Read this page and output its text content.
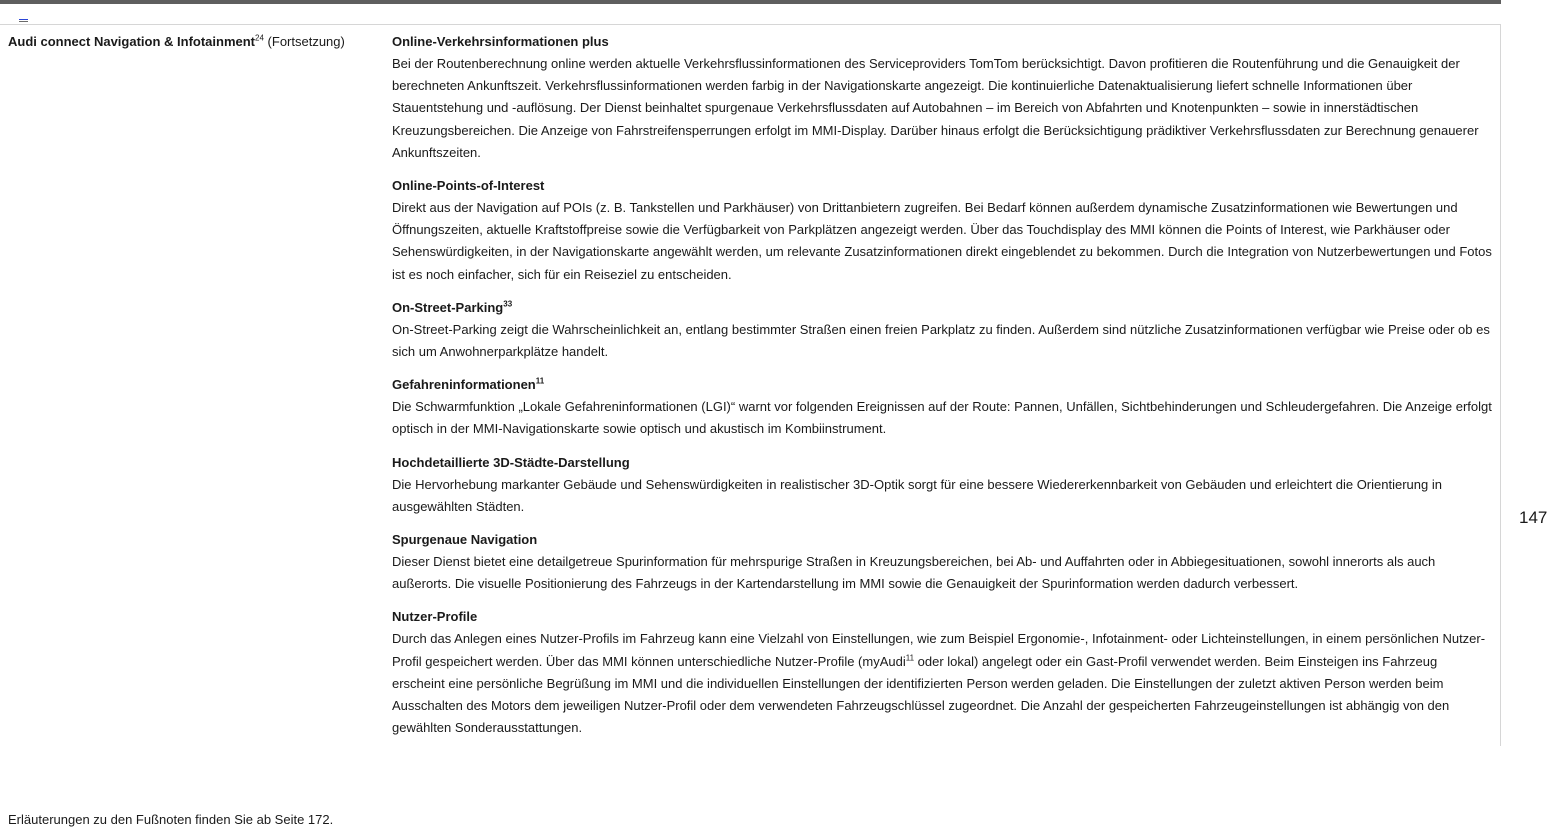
Audi connect Navigation & Infotainment$^{24}$ (Fortsetzung)	Online-Verkehrsinformationen plus

Bei der Routenberechnung online werden aktuelle Verkehrsflussinformationen des Serviceproviders TomTom berücksichtigt. Davon profitieren die Routenführung und die Genauigkeit der berechneten Ankunftszeit. Verkehrsflussinformationen werden farbig in der Navigationskarte angezeigt. Die kontinuierliche Datenaktualisierung liefert schnelle Informationen über Stauentstehung und -auflösung. Der Dienst beinhaltet spurgenaue Verkehrsflussdaten auf Autobahnen – im Bereich von Abfahrten und Knotenpunkten – sowie in innerstädtischen Kreuzungsbereichen. Die Anzeige von Fahrstreifensperrungen erfolgt im MMI-Display. Darüber hinaus erfolgt die Berücksichtigung prädiktiver Verkehrsflussdaten zur Berechnung genauerer Ankunftszeiten.

Online-Points-of-Interest

Direkt aus der Navigation auf POIs (z. B. Tankstellen und Parkhäuser) von Drittanbietern zugreifen. Bei Bedarf können außerdem dynamische Zusatzinformationen wie Bewertungen und Öffnungszeiten, aktuelle Kraftstoffpreise sowie die Verfügbarkeit von Parkplätzen angezeigt werden. Über das Touchdisplay des MMI können die Points of Interest, wie Parkhäuser oder Sehenswürdigkeiten, in der Navigationskarte angewählt werden, um relevante Zusatzinformationen direkt eingeblendet zu bekommen. Durch die Integration von Nutzerbewertungen und Fotos ist es noch einfacher, sich für ein Reiseziel zu entscheiden.

On-Street-Parking$^{33}$

On-Street-Parking zeigt die Wahrscheinlichkeit an, entlang bestimmter Straßen einen freien Parkplatz zu finden. Außerdem sind nützliche Zusatzinformationen verfügbar wie Preise oder ob es sich um Anwohnerparkplätze handelt.

Gefahreninformationen$^{11}$

Die Schwarmfunktion „Lokale Gefahreninformationen (LGI)“ warnt vor folgenden Ereignissen auf der Route: Pannen, Unfällen, Sichtbehinderungen und Schleudergefahren. Die Anzeige erfolgt optisch in der MMI-Navigationskarte sowie optisch und akustisch im Kombiinstrument.

Hochdetaillierte 3D-Städte-Darstellung

Die Hervorhebung markanter Gebäude und Sehenswürdigkeiten in realistischer 3D-Optik sorgt für eine bessere Wiedererkennbarkeit von Gebäuden und erleichtert die Orientierung in ausgewählten Städten.

Spurgenaue Navigation

Dieser Dienst bietet eine detailgetreue Spurinformation für mehrspurige Straßen in Kreuzungsbereichen, bei Ab- und Auffahrten oder in Abbiegesituationen, sowohl innerorts als auch außerorts. Die visuelle Positionierung des Fahrzeugs in der Kartendarstellung im MMI sowie die Genauigkeit der Spurinformation werden dadurch verbessert.

Nutzer-Profile

Durch das Anlegen eines Nutzer-Profils im Fahrzeug kann eine Vielzahl von Einstellungen, wie zum Beispiel Ergonomie-, Infotainment- oder Lichteinstellungen, in einem persönlichen Nutzer-Profil gespeichert werden. Über das MMI können unterschiedliche Nutzer-Profile (myAudi$^{11}$ oder lokal) angelegt oder ein Gast-Profil verwendet werden. Beim Einsteigen ins Fahrzeug erscheint eine persönliche Begrüßung im MMI und die individuellen Einstellungen der identifizierten Person werden geladen. Die Einstellungen der zuletzt aktiven Person werden beim Ausschalten des Motors dem jeweiligen Nutzer-Profil oder dem verwendeten Fahrzeugschlüssel zugeordnet. Die Anzahl der gespeicherten Fahrzeugeinstellungen ist abhängig von den gewählten Sonderausstattungen.

147
Erläuterungen zu den Fußnoten finden Sie ab Seite 172.
